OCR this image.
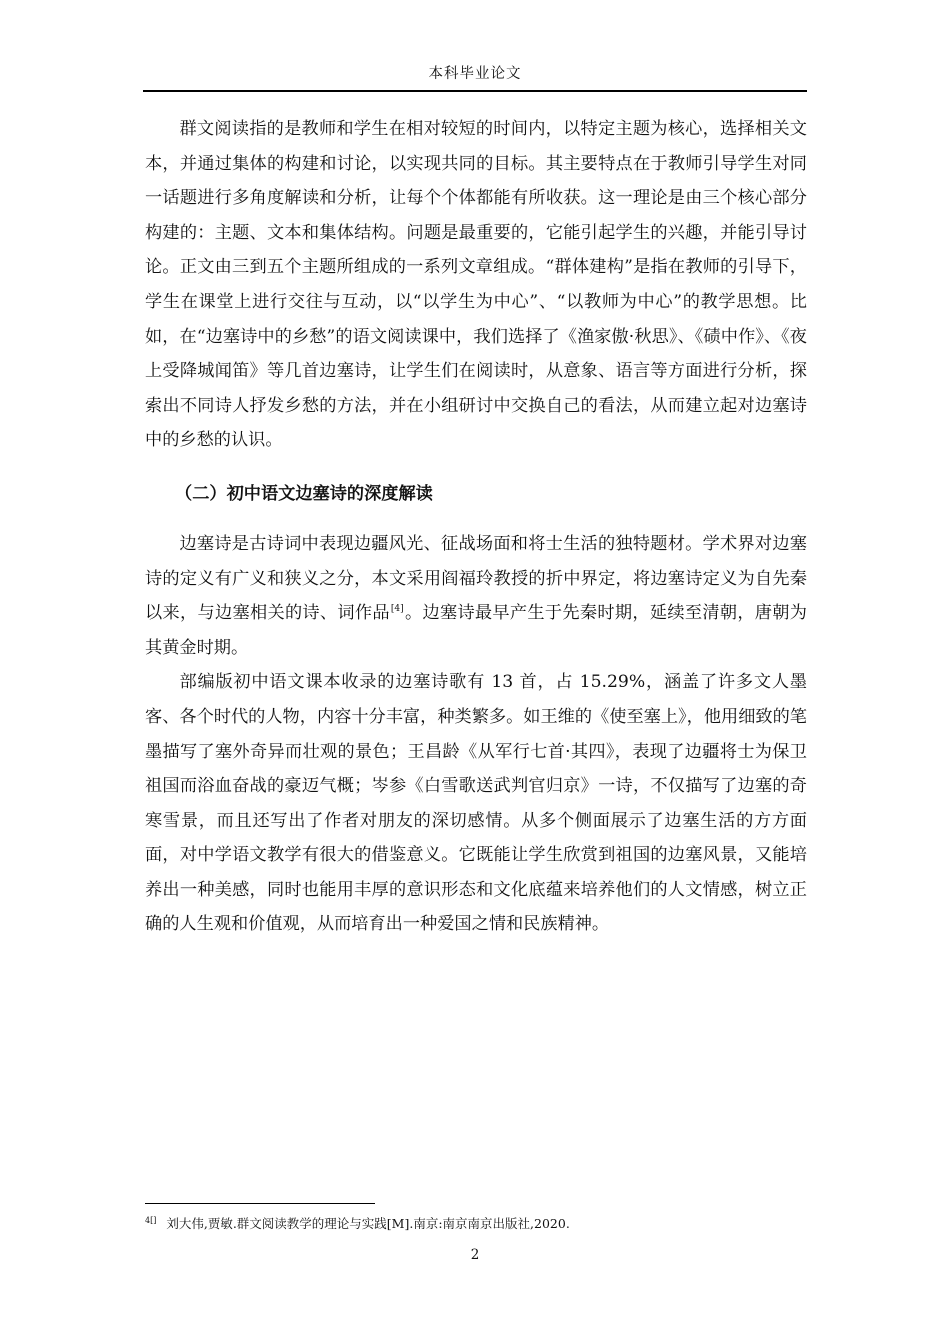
本科毕业论文

群文阅读指的是教师和学生在相对较短的时间内，以特定主题为核心，选择相关文本，并通过集体的构建和讨论，以实现共同的目标。其主要特点在于教师引导学生对同一话题进行多角度解读和分析，让每个个体都能有所收获。这一理论是由三个核心部分构建的：主题、文本和集体结构。问题是最重要的，它能引起学生的兴趣，并能引导讨论。正文由三到五个主题所组成的一系列文章组成。“群体建构”是指在教师的引导下，学生在课堂上进行交往与互动，以“以学生为中心”、“以教师为中心”的教学思想。比如，在“边塞诗中的乡愁”的语文阅读课中，我们选择了《渔家傲·秋思》、《碛中作》、《夜上受降城闻笛》等几首边塞诗，让学生们在阅读时，从意象、语言等方面进行分析，探索出不同诗人抒发乡愁的方法，并在小组研讨中交换自己的看法，从而建立起对边塞诗中的乡愁的认识。

（二）初中语文边塞诗的深度解读

边塞诗是古诗词中表现边疆风光、征战场面和将士生活的独特题材。学术界对边塞诗的定义有广义和狭义之分，本文采用阎福玲教授的折中界定，将边塞诗定义为自先秦以来，与边塞相关的诗、词作品[4]。边塞诗最早产生于先秦时期，延续至清朝，唐朝为其黄金时期。

部编版初中语文课本收录的边塞诗歌有 13 首，占 15.29%，涵盖了许多文人墨客、各个时代的人物，内容十分丰富，种类繁多。如王维的《使至塞上》，他用细致的笔墨描写了塞外奇异而壮观的景色；王昌龄《从军行七首·其四》，表现了边疆将士为保卫祖国而浴血奋战的豪迈气概；岑参《白雪歌送武判官归京》一诗，不仅描写了边塞的奇寒雪景，而且还写出了作者对朋友的深切感情。从多个侧面展示了边塞生活的方方面面，对中学语文教学有很大的借鉴意义。它既能让学生欣赏到祖国的边塞风景，又能培养出一种美感，同时也能用丰厚的意识形态和文化底蕴来培养他们的人文情感，树立正确的人生观和价值观，从而培育出一种爱国之情和民族精神。

$^{4[]}$ 刘大伟,贾敏.群文阅读教学的理论与实践[M].南京:南京南京出版社,2020.
2
